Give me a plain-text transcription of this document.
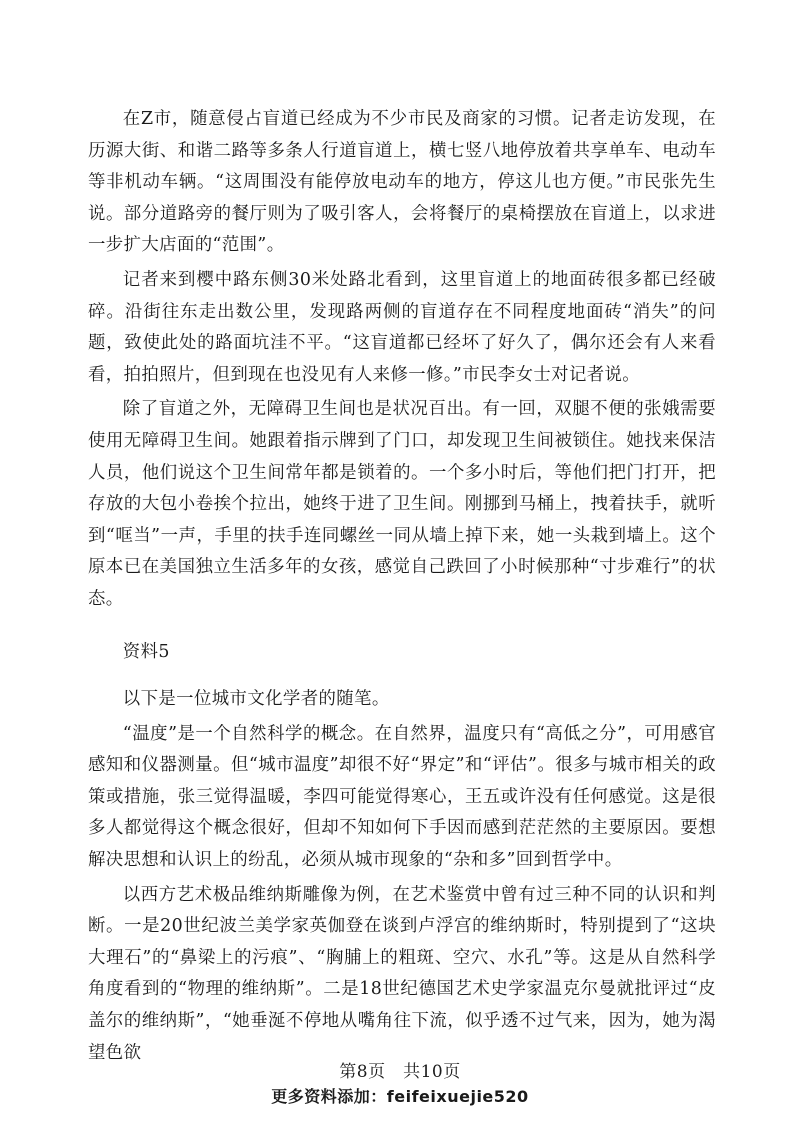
在Z市，随意侵占盲道已经成为不少市民及商家的习惯。记者走访发现，在历源大街、和谐二路等多条人行道盲道上，横七竖八地停放着共享单车、电动车等非机动车辆。“这周围没有能停放电动车的地方，停这儿也方便。”市民张先生说。部分道路旁的餐厅则为了吸引客人，会将餐厅的桌椅摆放在盲道上，以求进一步扩大店面的“范围”。

记者来到樱中路东侧30米处路北看到，这里盲道上的地面砖很多都已经破碎。沿街往东走出数公里，发现路两侧的盲道存在不同程度地面砖“消失”的问题，致使此处的路面坑洼不平。“这盲道都已经坏了好久了，偶尔还会有人来看看，拍拍照片，但到现在也没见有人来修一修。”市民李女士对记者说。

除了盲道之外，无障碍卫生间也是状况百出。有一回，双腿不便的张娥需要使用无障碍卫生间。她跟着指示牌到了门口，却发现卫生间被锁住。她找来保洁人员，他们说这个卫生间常年都是锁着的。一个多小时后，等他们把门打开，把存放的大包小卷挨个拉出，她终于进了卫生间。刚挪到马桶上，拽着扶手，就听到“哐当”一声，手里的扶手连同螺丝一同从墙上掉下来，她一头栽到墙上。这个原本已在美国独立生活多年的女孩，感觉自己跌回了小时候那种“寸步难行”的状态。

资料5

以下是一位城市文化学者的随笔。

“温度”是一个自然科学的概念。在自然界，温度只有“高低之分”，可用感官感知和仪器测量。但“城市温度”却很不好“界定”和“评估”。很多与城市相关的政策或措施，张三觉得温暖，李四可能觉得寒心，王五或许没有任何感觉。这是很多人都觉得这个概念很好，但却不知如何下手因而感到茫茫然的主要原因。要想解决思想和认识上的纷乱，必须从城市现象的“杂和多”回到哲学中。

以西方艺术极品维纳斯雕像为例，在艺术鉴赏中曾有过三种不同的认识和判断。一是20世纪波兰美学家英伽登在谈到卢浮宫的维纳斯时，特别提到了“这块大理石”的“鼻梁上的污痕”、“胸脯上的粗斑、空穴、水孔”等。这是从自然科学角度看到的“物理的维纳斯”。二是18世纪德国艺术史学家温克尔曼就批评过“皮盖尔的维纳斯”，“她垂涎不停地从嘴角往下流，似乎透不过气来，因为，她为渴望色欲

第8页　共10页
更多资料添加：feifeixuejie520
